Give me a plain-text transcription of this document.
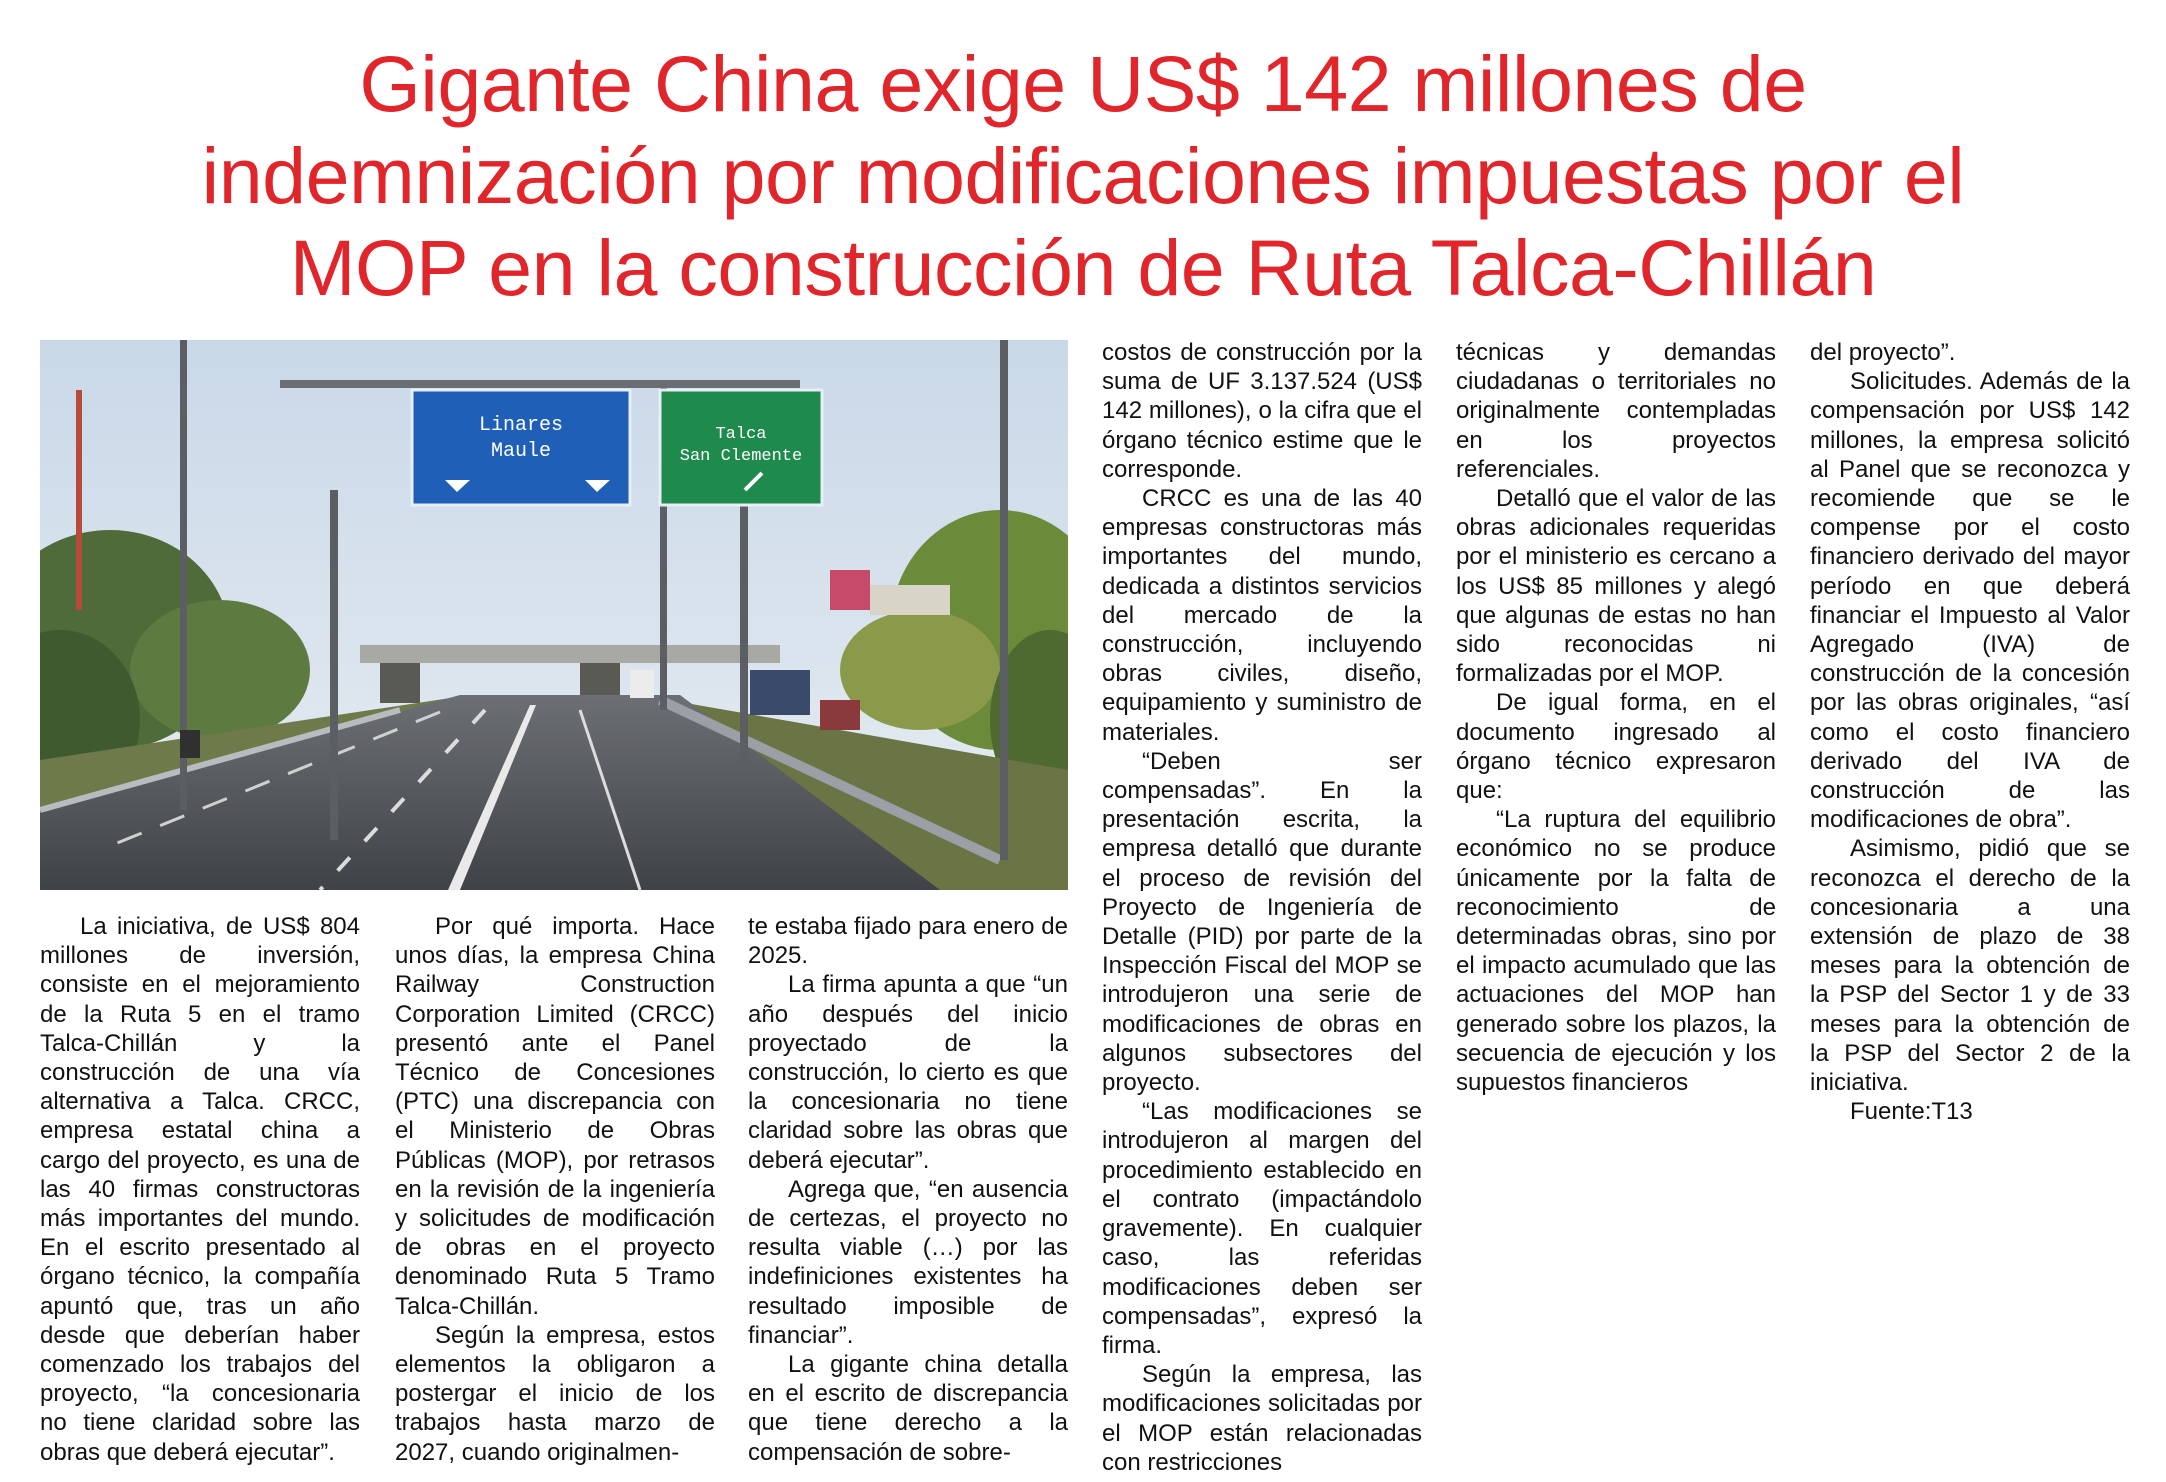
Gigante China exige US$ 142 millones de
indemnización por modificaciones impuestas por el
MOP en la construcción de Ruta Talca-Chillán
Linares
Maule
Talca
San Clemente

La iniciativa, de US$ 804 millones de inversión, consiste en el mejoramiento de la Ruta 5 en el tramo Talca-Chillán y la construcción de una vía alternativa a Talca. CRCC, empresa estatal china a cargo del proyecto, es una de las 40 firmas constructoras más importantes del mundo. En el escrito presentado al órgano técnico, la compañía apuntó que, tras un año desde que deberían haber comenzado los trabajos del proyecto, “la concesionaria no tiene claridad sobre las obras que deberá ejecutar”.

Por qué importa. Hace unos días, la empresa China Railway Construction Corporation Limited (CRCC) presentó ante el Panel Técnico de Concesiones (PTC) una discrepancia con el Ministerio de Obras Públicas (MOP), por retrasos en la revisión de la ingeniería y solicitudes de modificación de obras en el proyecto denominado Ruta 5 Tramo Talca-Chillán.

Según la empresa, estos elementos la obligaron a postergar el inicio de los trabajos hasta marzo de 2027, cuando originalmen-

te estaba fijado para enero de 2025.

La firma apunta a que “un año después del inicio proyectado de la construcción, lo cierto es que la concesionaria no tiene claridad sobre las obras que deberá ejecutar”.

Agrega que, “en ausencia de certezas, el proyecto no resulta viable (…) por las indefiniciones existentes ha resultado imposible de financiar”.

La gigante china detalla en el escrito de discrepancia que tiene derecho a la compensación de sobre-

costos de construcción por la suma de UF 3.137.524 (US$ 142 millones), o la cifra que el órgano técnico estime que le corresponde.

CRCC es una de las 40 empresas constructoras más importantes del mundo, dedicada a distintos servicios del mercado de la construcción, incluyendo obras civiles, diseño, equipamiento y suministro de materiales.

“Deben ser compensadas”. En la presentación escrita, la empresa detalló que durante el proceso de revisión del Proyecto de Ingeniería de Detalle (PID) por parte de la Inspección Fiscal del MOP se introdujeron una serie de modificaciones de obras en algunos subsectores del proyecto.

“Las modificaciones se introdujeron al margen del procedimiento establecido en el contrato (impactándolo gravemente). En cualquier caso, las referidas modificaciones deben ser compensadas”, expresó la firma.

Según la empresa, las modificaciones solicitadas por el MOP están relacionadas con restricciones

técnicas y demandas ciudadanas o territoriales no originalmente contempladas en los proyectos referenciales.

Detalló que el valor de las obras adicionales requeridas por el ministerio es cercano a los US$ 85 millones y alegó que algunas de estas no han sido reconocidas ni formalizadas por el MOP.

De igual forma, en el documento ingresado al órgano técnico expresaron que:

“La ruptura del equilibrio económico no se produce únicamente por la falta de reconocimiento de determinadas obras, sino por el impacto acumulado que las actuaciones del MOP han generado sobre los plazos, la secuencia de ejecución y los supuestos financieros

del proyecto”.

Solicitudes. Además de la compensación por US$ 142 millones, la empresa solicitó al Panel que se reconozca y recomiende que se le compense por el costo financiero derivado del mayor período en que deberá financiar el Impuesto al Valor Agregado (IVA) de construcción de la concesión por las obras originales, “así como el costo financiero derivado del IVA de construcción de las modificaciones de obra”.

Asimismo, pidió que se reconozca el derecho de la concesionaria a una extensión de plazo de 38 meses para la obtención de la PSP del Sector 1 y de 33 meses para la obtención de la PSP del Sector 2 de la iniciativa.

Fuente:T13
